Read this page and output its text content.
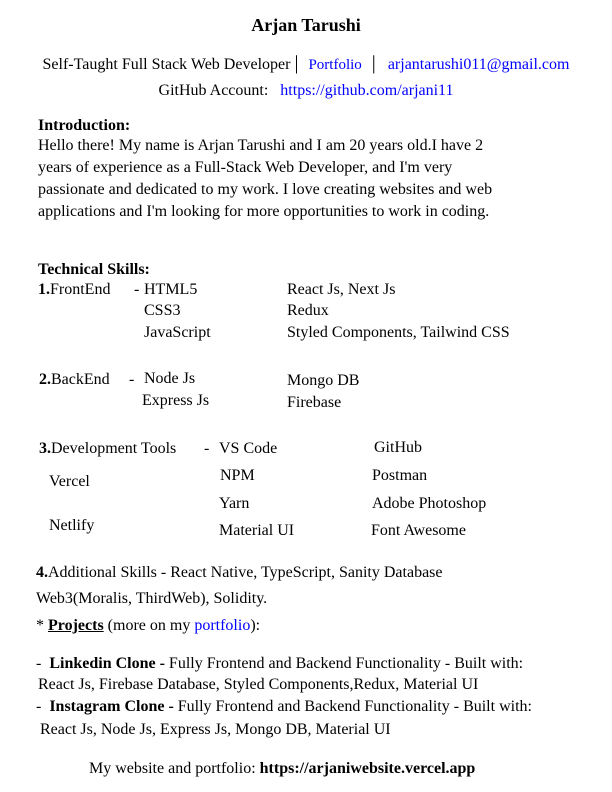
Arjan Tarushi
Self-Taught Full Stack Web Developer | Portfolio | arjantarushi011@gmail.com
GitHub Account: https://github.com/arjani11
Introduction:
Hello there! My name is Arjan Tarushi and I am 20 years old.I have 2
years of experience as a Full-Stack Web Developer, and I'm very
passionate and dedicated to my work. I love creating websites and web
applications and I'm looking for more opportunities to work in coding.
Technical Skills:
1.FrontEnd - HTML5
CSS3
JavaScript
React Js, Next Js
Redux
Styled Components, Tailwind CSS
2.BackEnd - Node Js
Express Js
Mongo DB
Firebase
3.Development Tools -
Vercel
Netlify
VS Code
NPM
Yarn
Material UI
GitHub
Postman
Adobe Photoshop
Font Awesome
4.Additional Skills - React Native, TypeScript, Sanity Database
Web3(Moralis, ThirdWeb), Solidity.
* Projects (more on my portfolio):
- Linkedin Clone - Fully Frontend and Backend Functionality - Built with:
React Js, Firebase Database, Styled Components,Redux, Material UI
- Instagram Clone - Fully Frontend and Backend Functionality - Built with:
React Js, Node Js, Express Js, Mongo DB, Material UI
My website and portfolio: https://arjaniwebsite.vercel.app
